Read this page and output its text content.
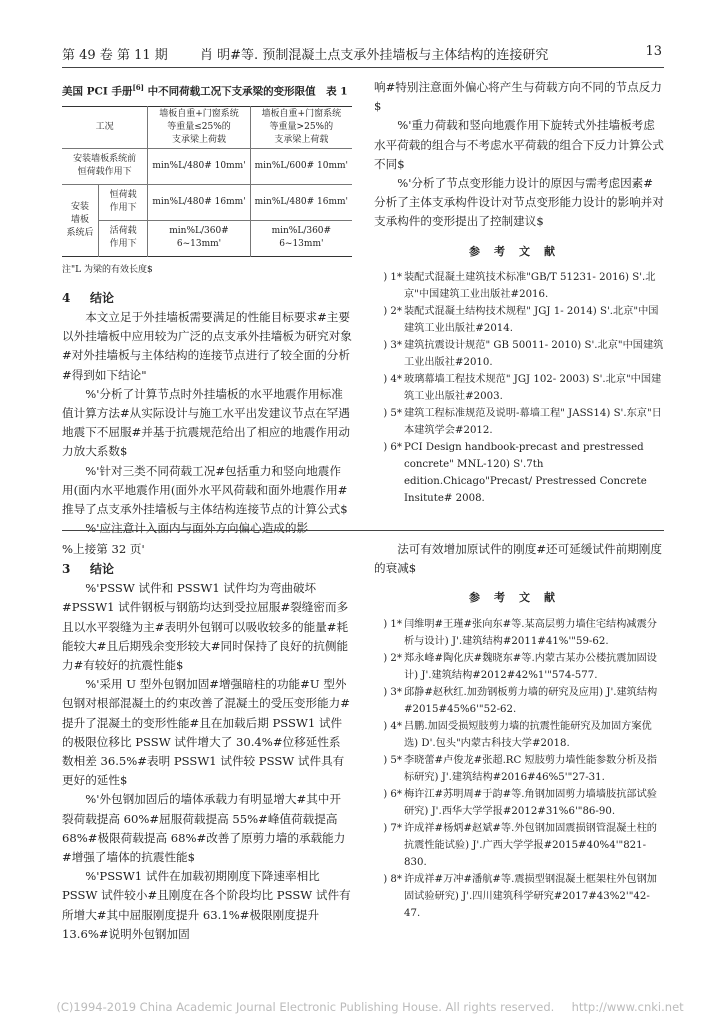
第 49 卷 第 11 期 肖 明#等. 预制混凝土点支承外挂墙板与主体结构的连接研究	13
美国 PCI 手册[6] 中不同荷载工况下支承梁的变形限值　表 1
工况		墙板自重+门窗系统
等重量≤25%的
支承梁上荷载	墙板自重+门窗系统
等重量>25%的
支承梁上荷载
安装墙板系统前
恒荷载作用下		min%L/480# 10mm'	min%L/600# 10mm'
安装
墙板
系统后	恒荷载
作用下	min%L/480# 16mm'	min%L/480# 16mm'
	活荷载
作用下	min%L/360# 6~13mm'	min%L/360# 6~13mm'
注"L 为梁的有效长度$
4 结论

本文立足于外挂墙板需要满足的性能目标要求#主要以外挂墙板中应用较为广泛的点支承外挂墙板为研究对象#对外挂墙板与主体结构的连接节点进行了较全面的分析#得到如下结论"

%'分析了计算节点时外挂墙板的水平地震作用标准值计算方法#从实际设计与施工水平出发建议节点在罕遇地震下不屈服#并基于抗震规范给出了相应的地震作用动力放大系数$

%'针对三类不同荷载工况#包括重力和竖向地震作用(面内水平地震作用(面外水平风荷载和面外地震作用#推导了点支承外挂墙板与主体结构连接节点的计算公式$

%'应注意计入面内与面外方向偏心造成的影

响#特别注意面外偏心将产生与荷载方向不同的节点反力$

%'重力荷载和竖向地震作用下旋转式外挂墙板考虑水平荷载的组合与不考虑水平荷载的组合下反力计算公式不同$

%'分析了节点变形能力设计的原因与需考虑因素#分析了主体支承构件设计对节点变形能力设计的影响并对支承构件的变形提出了控制建议$

参考文献
) 1* 装配式混凝土建筑技术标准"GB/T 51231- 2016) S'.北京"中国建筑工业出版社#2016.
) 2* 装配式混凝土结构技术规程" JGJ 1- 2014) S'.北京"中国建筑工业出版社#2014.
) 3* 建筑抗震设计规范" GB 50011- 2010) S'.北京"中国建筑工业出版社#2010.
) 4* 玻璃幕墙工程技术规范" JGJ 102- 2003) S'.北京"中国建筑工业出版社#2003.
) 5* 建筑工程标准规范及说明-幕墙工程" JASS14) S'.东京"日本建筑学会#2012.
) 6* PCI Design handbook-precast and prestressed concrete" MNL-120) S'.7th edition.Chicago"Precast/ Prestressed Concrete Insitute# 2008.

%上接第 32 页'

3 结论

%'PSSW 试件和 PSSW1 试件均为弯曲破坏#PSSW1 试件钢板与钢筋均达到受拉屈服#裂缝密而多且以水平裂缝为主#表明外包钢可以吸收较多的能量#耗能较大#且后期残余变形较大#同时保持了良好的抗侧能力#有较好的抗震性能$

%'采用 U 型外包钢加固#增强暗柱的功能#U 型外包钢对根部混凝土的约束改善了混凝土的受压变形能力#提升了混凝土的变形性能#且在加载后期 PSSW1 试件的极限位移比 PSSW 试件增大了 30.4%#位移延性系数相差 36.5%#表明 PSSW1 试件较 PSSW 试件具有更好的延性$

%'外包钢加固后的墙体承载力有明显增大#其中开裂荷载提高 60%#屈服荷载提高 55%#峰值荷载提高 68%#极限荷载提高 68%#改善了原剪力墙的承载能力#增强了墙体的抗震性能$

%'PSSW1 试件在加载初期刚度下降速率相比 PSSW 试件较小#且刚度在各个阶段均比 PSSW 试件有所增大#其中屈服刚度提升 63.1%#极限刚度提升 13.6%#说明外包钢加固

法可有效增加原试件的刚度#还可延缓试件前期刚度的衰减$

参考文献
) 1* 闫维明#王瑾#张向东#等.某高层剪力墙住宅结构减震分析与设计) J'.建筑结构#2011#41%'"59-62.
) 2* 郑永峰#陶化庆#魏晓东#等.内蒙古某办公楼抗震加固设计) J'.建筑结构#2012#42%1'"574-577.
) 3* 邱静#赵秋红.加劲钢板剪力墙的研究及应用) J'.建筑结构#2015#45%6'"52-62.
) 4* 吕鹏.加固受损短肢剪力墙的抗震性能研究及加固方案优选) D'.包头"内蒙古科技大学#2018.
) 5* 李晓蕾#卢俊龙#张超.RC 短肢剪力墙性能参数分析及指标研究) J'.建筑结构#2016#46%5'"27-31.
) 6* 梅许江#苏明周#于韵#等.角钢加固剪力墙墙肢抗部试验研究) J'.西华大学学报#2012#31%6'"86-90.
) 7* 许成祥#杨炳#赵斌#等.外包钢加固震损钢管混凝土柱的抗震性能试验) J'.广西大学学报#2015#40%4'"821-830.
) 8* 许成祥#万冲#潘航#等.震损型钢混凝土框架柱外包钢加固试验研究) J'.四川建筑科学研究#2017#43%2'"42-47.
(C)1994-2019 China Academic Journal Electronic Publishing House. All rights reserved. http://www.cnki.net
